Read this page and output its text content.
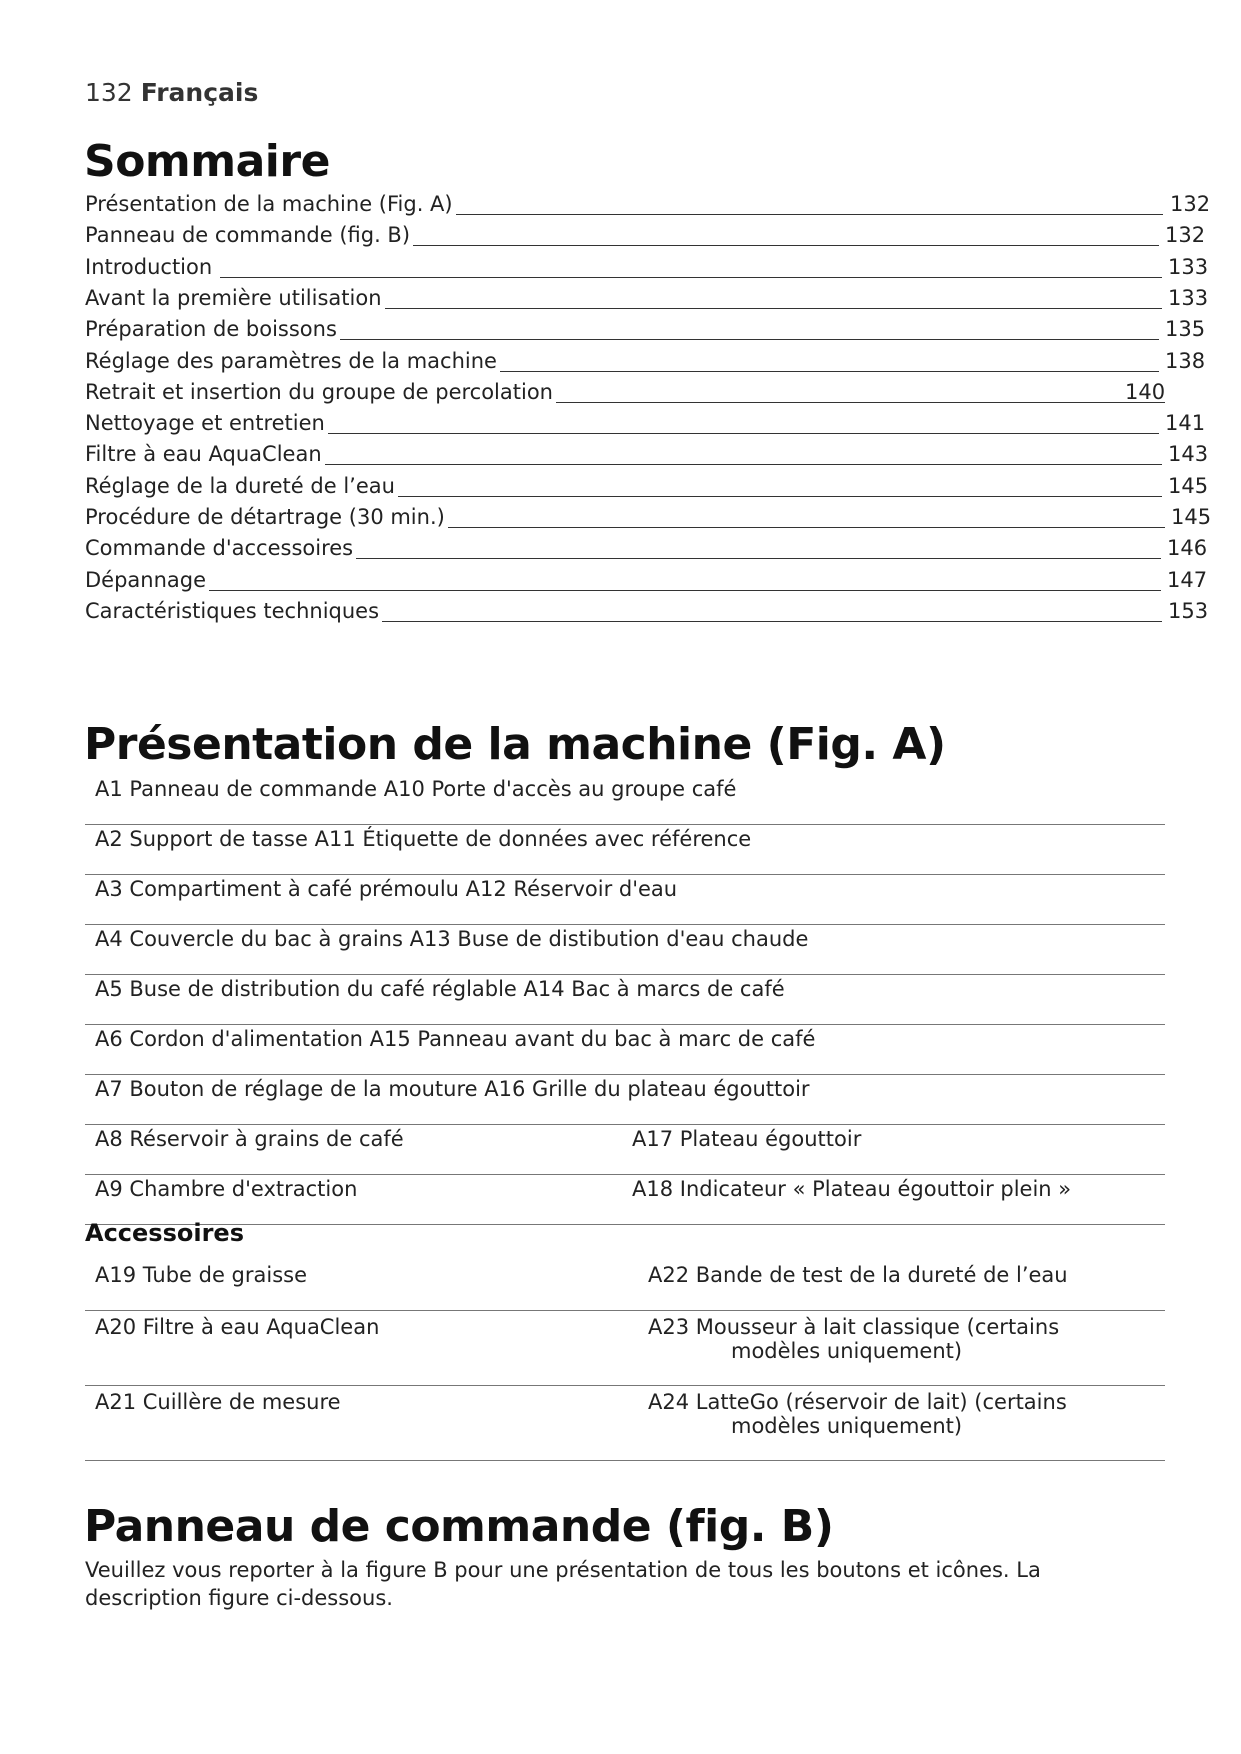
132 Français
Sommaire
Présentation de la machine (Fig. A)	132
Panneau de commande (fig. B)	132
Introduction	133
Avant la première utilisation	133
Préparation de boissons	135
Réglage des paramètres de la machine	138
Retrait et insertion du groupe de percolation	140
Nettoyage et entretien	141
Filtre à eau AquaClean	143
Réglage de la dureté de l’eau	145
Procédure de détartrage (30 min.)	145
Commande d'accessoires	146
Dépannage	147
Caractéristiques techniques	153
Présentation de la machine (Fig. A)
A1 Panneau de commande A10 Porte d'accès au groupe café	
A2 Support de tasse A11 Étiquette de données avec référence	
A3 Compartiment à café prémoulu A12 Réservoir d'eau	
A4 Couvercle du bac à grains A13 Buse de distibution d'eau chaude	
A5 Buse de distribution du café réglable A14 Bac à marcs de café	
A6 Cordon d'alimentation A15 Panneau avant du bac à marc de café	
A7 Bouton de réglage de la mouture A16 Grille du plateau égouttoir	
A8 Réservoir à grains de café	A17 Plateau égouttoir
A9 Chambre d'extraction	A18 Indicateur « Plateau égouttoir plein »
Accessoires
A19 Tube de graisse	A22 Bande de test de la dureté de l’eau
A20 Filtre à eau AquaClean	A23 Mousseur à lait classique (certains
modèles uniquement)

A21 Cuillère de mesure	A24 LatteGo (réservoir de lait) (certains
modèles uniquement)
Panneau de commande (fig. B)

Veuillez vous reporter à la figure B pour une présentation de tous les boutons et icônes. La description figure ci-dessous.
